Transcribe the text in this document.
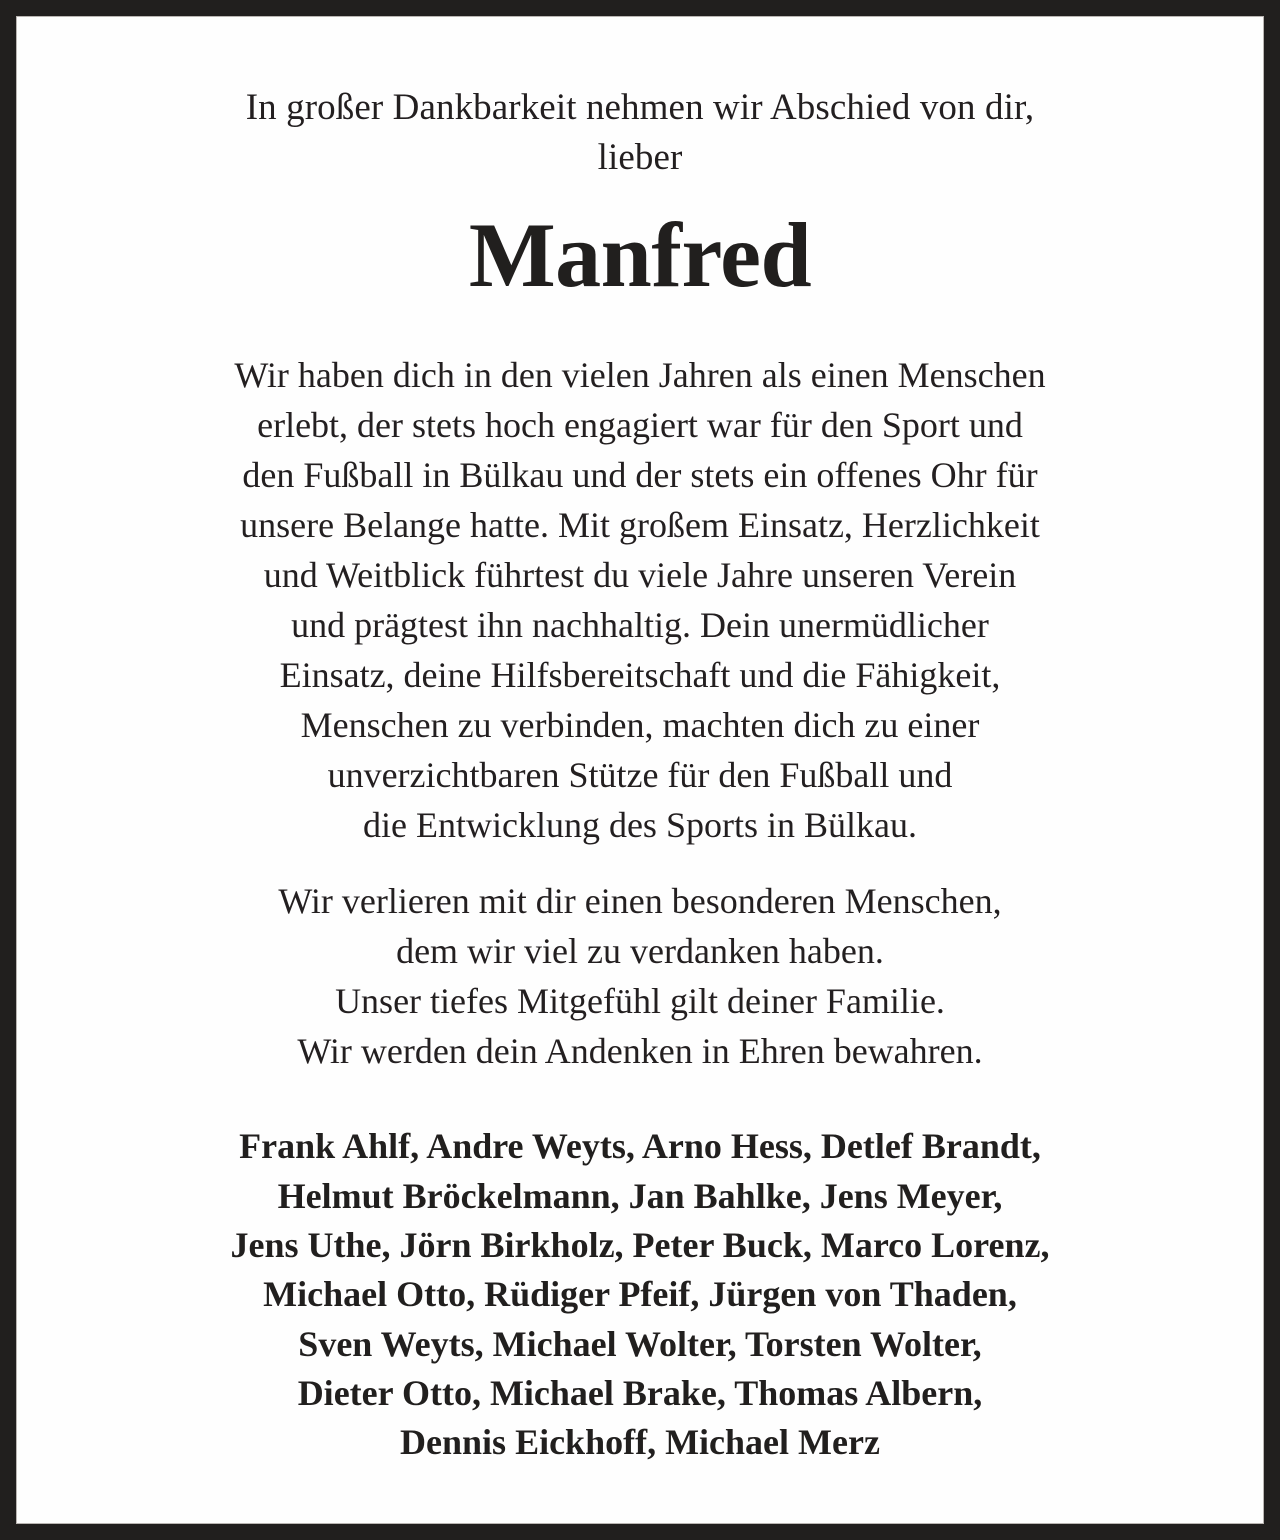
In großer Dankbarkeit nehmen wir Abschied von dir,
lieber
Manfred
Wir haben dich in den vielen Jahren als einen Menschen
erlebt, der stets hoch engagiert war für den Sport und
den Fußball in Bülkau und der stets ein offenes Ohr für
unsere Belange hatte. Mit großem Einsatz, Herzlichkeit
und Weitblick führtest du viele Jahre unseren Verein
und prägtest ihn nachhaltig. Dein unermüdlicher
Einsatz, deine Hilfsbereitschaft und die Fähigkeit,
Menschen zu verbinden, machten dich zu einer
unverzichtbaren Stütze für den Fußball und
die Entwicklung des Sports in Bülkau.
Wir verlieren mit dir einen besonderen Menschen,
dem wir viel zu verdanken haben.
Unser tiefes Mitgefühl gilt deiner Familie.
Wir werden dein Andenken in Ehren bewahren.
Frank Ahlf, Andre Weyts, Arno Hess, Detlef Brandt,
Helmut Bröckelmann, Jan Bahlke, Jens Meyer,
Jens Uthe, Jörn Birkholz, Peter Buck, Marco Lorenz,
Michael Otto, Rüdiger Pfeif, Jürgen von Thaden,
Sven Weyts, Michael Wolter, Torsten Wolter,
Dieter Otto, Michael Brake, Thomas Albern,
Dennis Eickhoff, Michael Merz
